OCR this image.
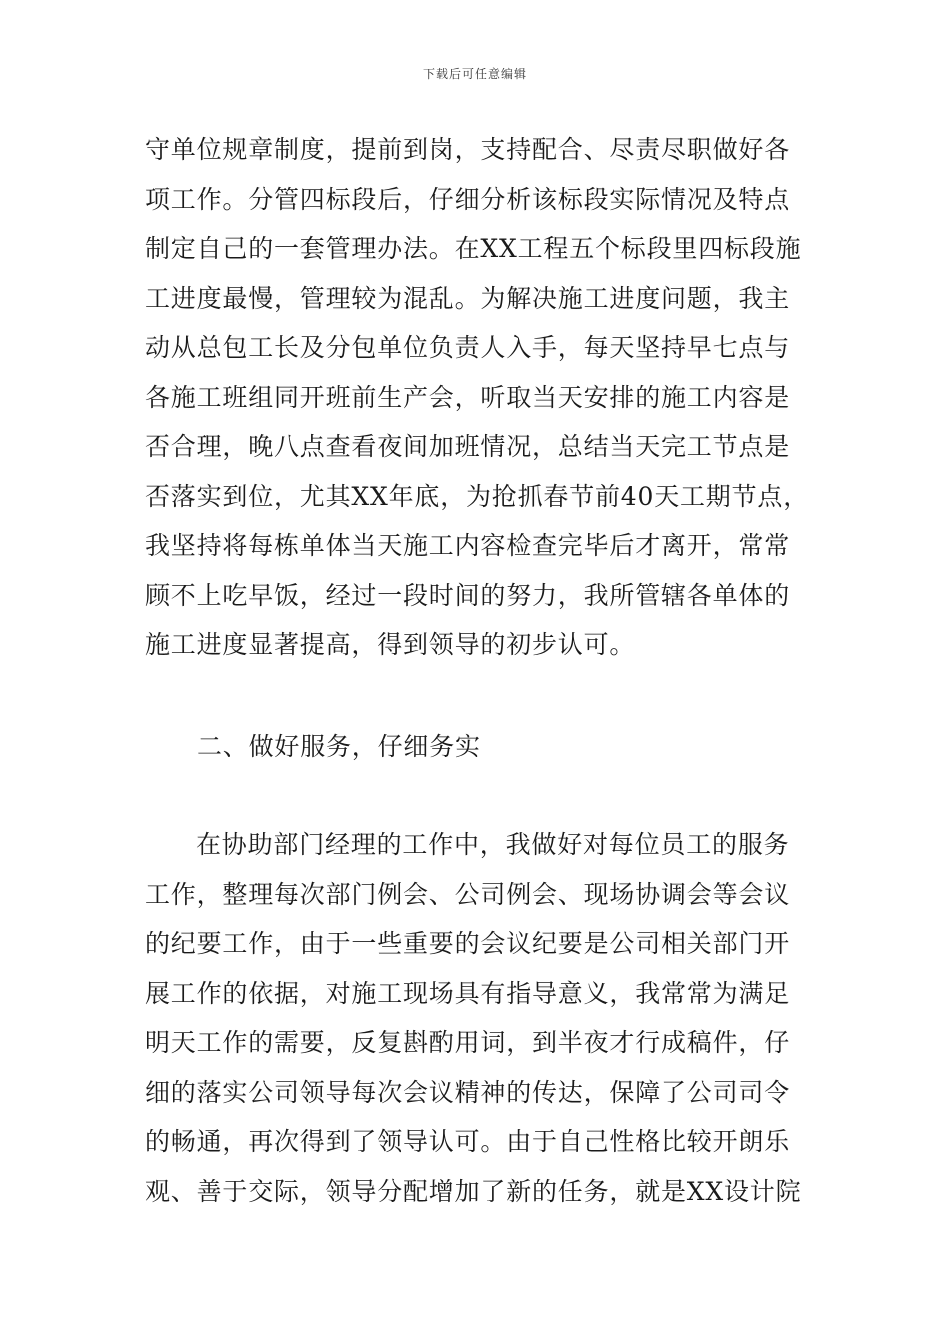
下载后可任意编辑
守单位规章制度，提前到岗，支持配合、尽责尽职做好各
项工作。分管四标段后，仔细分析该标段实际情况及特点
制定自己的一套管理办法。在XX工程五个标段里四标段施
工进度最慢，管理较为混乱。为解决施工进度问题，我主
动从总包工长及分包单位负责人入手，每天坚持早七点与
各施工班组同开班前生产会，听取当天安排的施工内容是
否合理，晚八点查看夜间加班情况，总结当天完工节点是
否落实到位，尤其XX年底，为抢抓春节前40天工期节点，
我坚持将每栋单体当天施工内容检查完毕后才离开，常常
顾不上吃早饭，经过一段时间的努力，我所管辖各单体的
施工进度显著提高，得到领导的初步认可。
二、做好服务，仔细务实
在协助部门经理的工作中，我做好对每位员工的服务
工作，整理每次部门例会、公司例会、现场协调会等会议
的纪要工作，由于一些重要的会议纪要是公司相关部门开
展工作的依据，对施工现场具有指导意义，我常常为满足
明天工作的需要，反复斟酌用词，到半夜才行成稿件，仔
细的落实公司领导每次会议精神的传达，保障了公司司令
的畅通，再次得到了领导认可。由于自己性格比较开朗乐
观、善于交际，领导分配增加了新的任务，就是XX设计院
